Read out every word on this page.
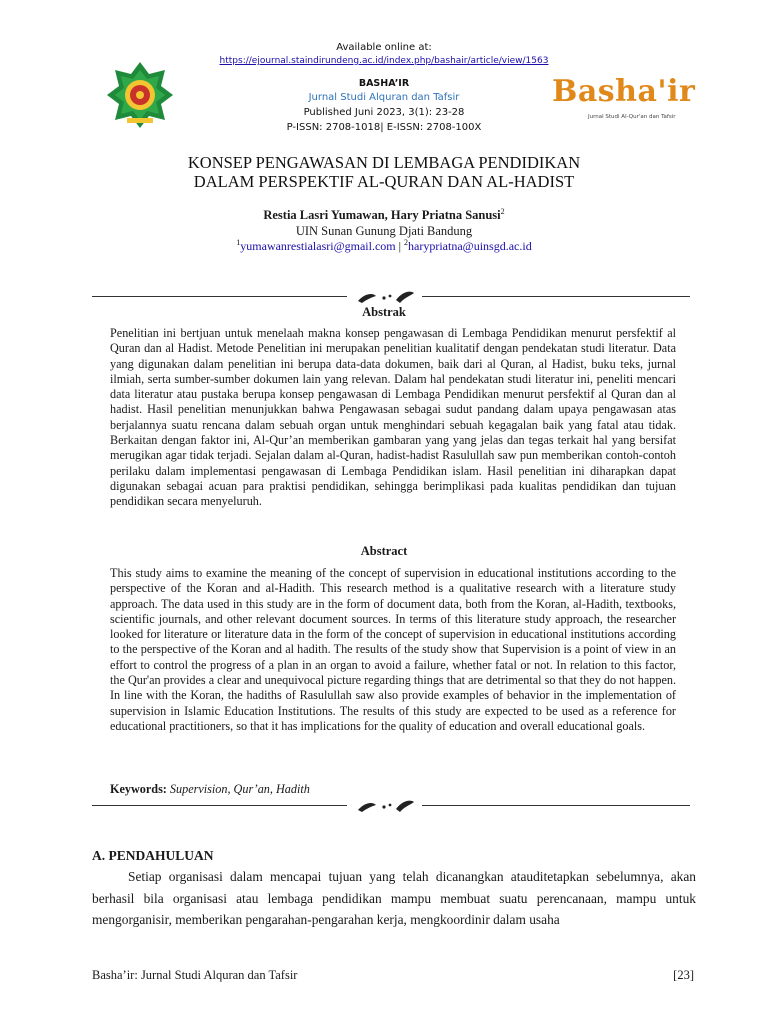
Basha'ir
Jurnal Studi Al-Qur'an dan Tafsir
Available online at:
https://ejournal.staindirundeng.ac.id/index.php/bashair/article/view/1563
BASHA’IR
Jurnal Studi Alquran dan Tafsir
Published Juni 2023, 3(1): 23-28
P-ISSN: 2708-1018| E-ISSN: 2708-100X
KONSEP PENGAWASAN DI LEMBAGA PENDIDIKAN
DALAM PERSPEKTIF AL-QURAN DAN AL-HADIST
Restia Lasri Yumawan, Hary Priatna Sanusi$^2$
UIN Sunan Gunung Djati Bandung
$^1$yumawanrestialasri@gmail.com | $^2$harypriatna@uinsgd.ac.id
Abstrak
Penelitian ini bertjuan untuk menelaah makna konsep pengawasan di Lembaga Pendidikan menurut persfektif al Quran dan al Hadist. Metode Penelitian ini merupakan penelitian kualitatif dengan pendekatan studi literatur. Data yang digunakan dalam penelitian ini berupa data-data dokumen, baik dari al Quran, al Hadist, buku teks, jurnal ilmiah, serta sumber-sumber dokumen lain yang relevan. Dalam hal pendekatan studi literatur ini, peneliti mencari data literatur atau pustaka berupa konsep pengawasan di Lembaga Pendidikan menurut persfektif al Quran dan al hadist. Hasil penelitian menunjukkan bahwa Pengawasan sebagai sudut pandang dalam upaya pengawasan atas berjalannya suatu rencana dalam sebuah organ untuk menghindari sebuah kegagalan baik yang fatal atau tidak. Berkaitan dengan faktor ini, Al-Qur’an memberikan gambaran yang yang jelas dan tegas terkait hal yang bersifat merugikan agar tidak terjadi. Sejalan dalam al-Quran, hadist-hadist Rasulullah saw pun memberikan contoh-contoh perilaku dalam implementasi pengawasan di Lembaga Pendidikan islam. Hasil penelitian ini diharapkan dapat digunakan sebagai acuan para praktisi pendidikan, sehingga berimplikasi pada kualitas pendidikan dan tujuan pendidikan secara menyeluruh.
Abstract
This study aims to examine the meaning of the concept of supervision in educational institutions according to the perspective of the Koran and al-Hadith. This research method is a qualitative research with a literature study approach. The data used in this study are in the form of document data, both from the Koran, al-Hadith, textbooks, scientific journals, and other relevant document sources. In terms of this literature study approach, the researcher looked for literature or literature data in the form of the concept of supervision in educational institutions according to the perspective of the Koran and al hadith. The results of the study show that Supervision is a point of view in an effort to control the progress of a plan in an organ to avoid a failure, whether fatal or not. In relation to this factor, the Qur'an provides a clear and unequivocal picture regarding things that are detrimental so that they do not happen. In line with the Koran, the hadiths of Rasulullah saw also provide examples of behavior in the implementation of supervision in Islamic Education Institutions. The results of this study are expected to be used as a reference for educational practitioners, so that it has implications for the quality of education and overall educational goals.
Keywords: Supervision, Qur’an, Hadith
A. PENDAHULUAN
Setiap organisasi dalam mencapai tujuan yang telah dicanangkan atauditetapkan sebelumnya, akan berhasil bila organisasi atau lembaga pendidikan mampu membuat suatu perencanaan, mampu untuk mengorganisir, memberikan pengarahan-pengarahan kerja, mengkoordinir dalam usaha
Basha’ir: Jurnal Studi Alquran dan Tafsir	[23]
